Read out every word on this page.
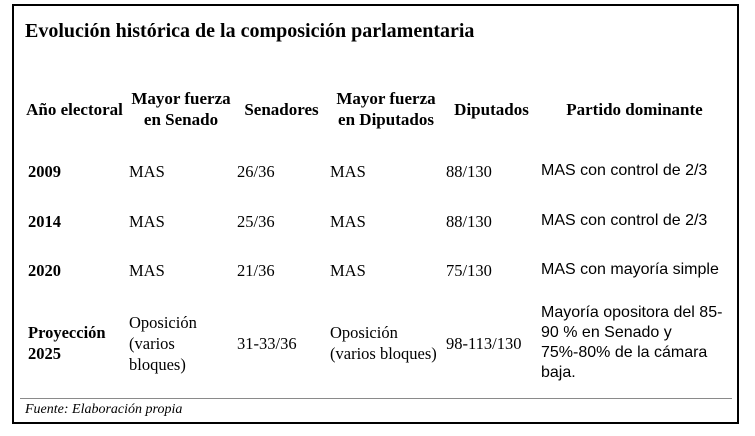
Evolución histórica de la composición parlamentaria
Año electoral	Mayor fuerza en Senado	Senadores	Mayor fuerza en Diputados	Diputados	Partido dominante
2009	MAS	26/36	MAS	88/130	MAS con control de 2/3
2014	MAS	25/36	MAS	88/130	MAS con control de 2/3
2020	MAS	21/36	MAS	75/130	MAS con mayoría simple
Proyección 2025	Oposición (varios bloques)	31-33/36	Oposición (varios bloques)	98-113/130	Mayoría opositora del 85-90 % en Senado y 75%-80% de la cámara baja.
Fuente: Elaboración propia
